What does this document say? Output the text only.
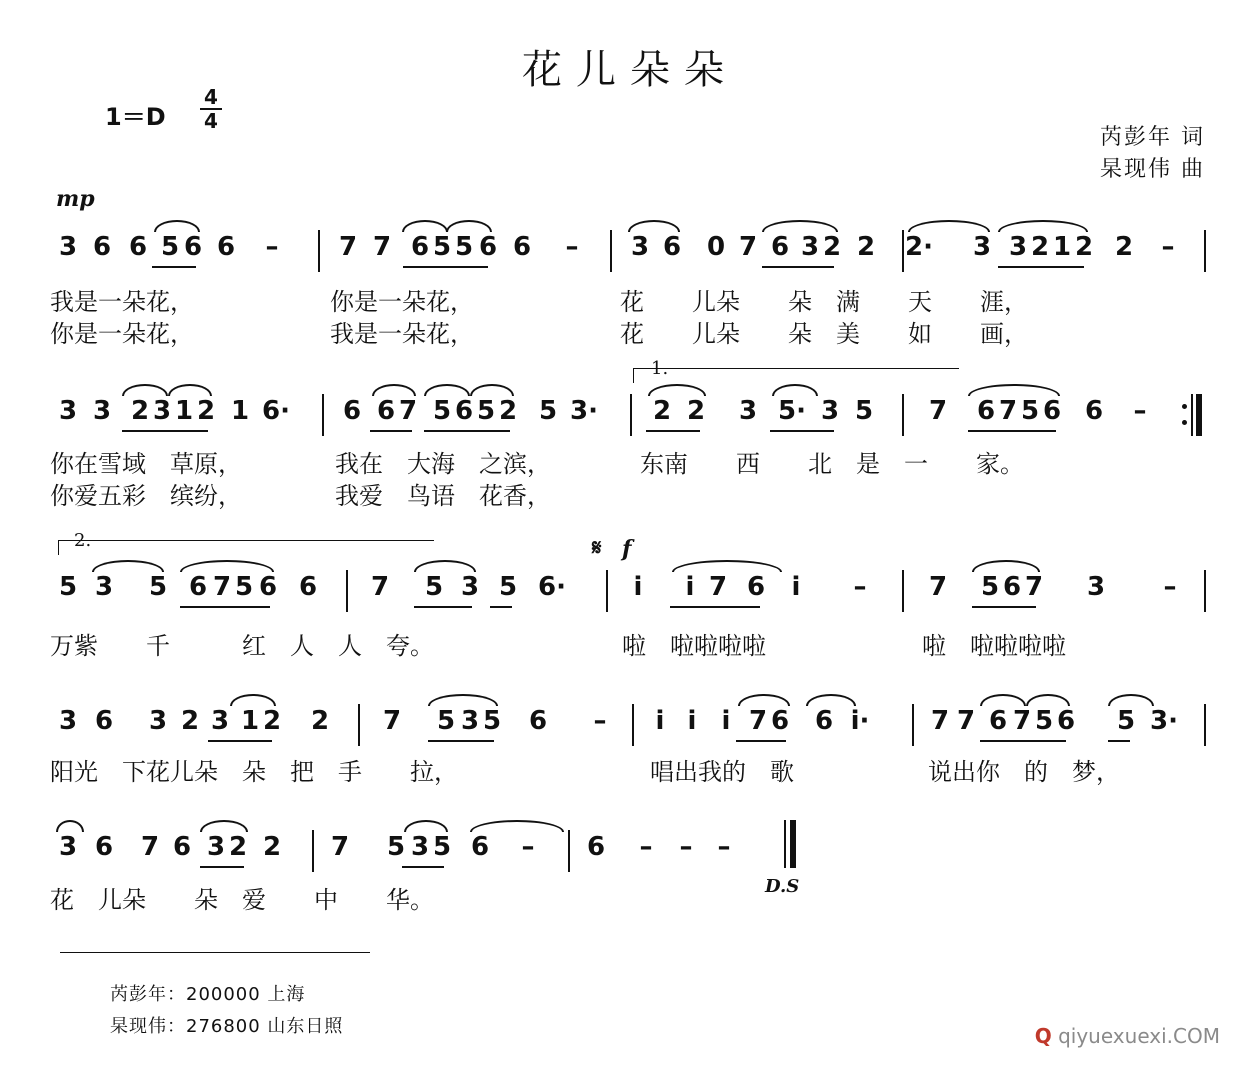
花儿朵朵
1＝D
4
4
芮彭年 词
杲现伟 曲
mp
3 6 6 5 6 6 – 7 7 6 5 5 6 6 – 3 6 0 7 6 3 2 2 2· 3 3 2 1 2 2 –
我是一朵花，	你是一朵花，	花　　儿朵　　朵　满　　天　　涯，
你是一朵花，	我是一朵花，	花　　儿朵　　朵　美　　如　　画，
3 3 2 3 1 2 1 6· 6 6 7 5 6 5 2 5 3· 2 2 3 5· 3 5 7 6 7 5 6 6 –
你在雪域　草原，	我在　大海　之滨，	东南　　西　　北　是　一　　家。
你爱五彩　缤纷，	我爱　鸟语　花香，
5 3 5 6 7 5 6 6 7 5 3 5 6·	i i 7 6 i – 7 5 6 7 3 –
万紫　　千　　　红　人　人　夸。	啦　啦啦啦啦	啦　啦啦啦啦
3 6 3 2 3 1 2 2 7 5 3 5 6 – i i i 7 6 6 i· 7 7 6 7 5 6 5 3·
阳光　下花儿朵　朵　把　手　　拉，	唱出我的　歌	说出你　的　梦，
3 6 7 6 3 2 2 7 5 3 5 6 – 6 – – –
花　儿朵　　朵　爱　　中　　华。
1.
2.	𝄋 f
D.S
芮彭年：200000 上海
杲现伟：276800 山东日照	Q qiyuexuexi.COM
